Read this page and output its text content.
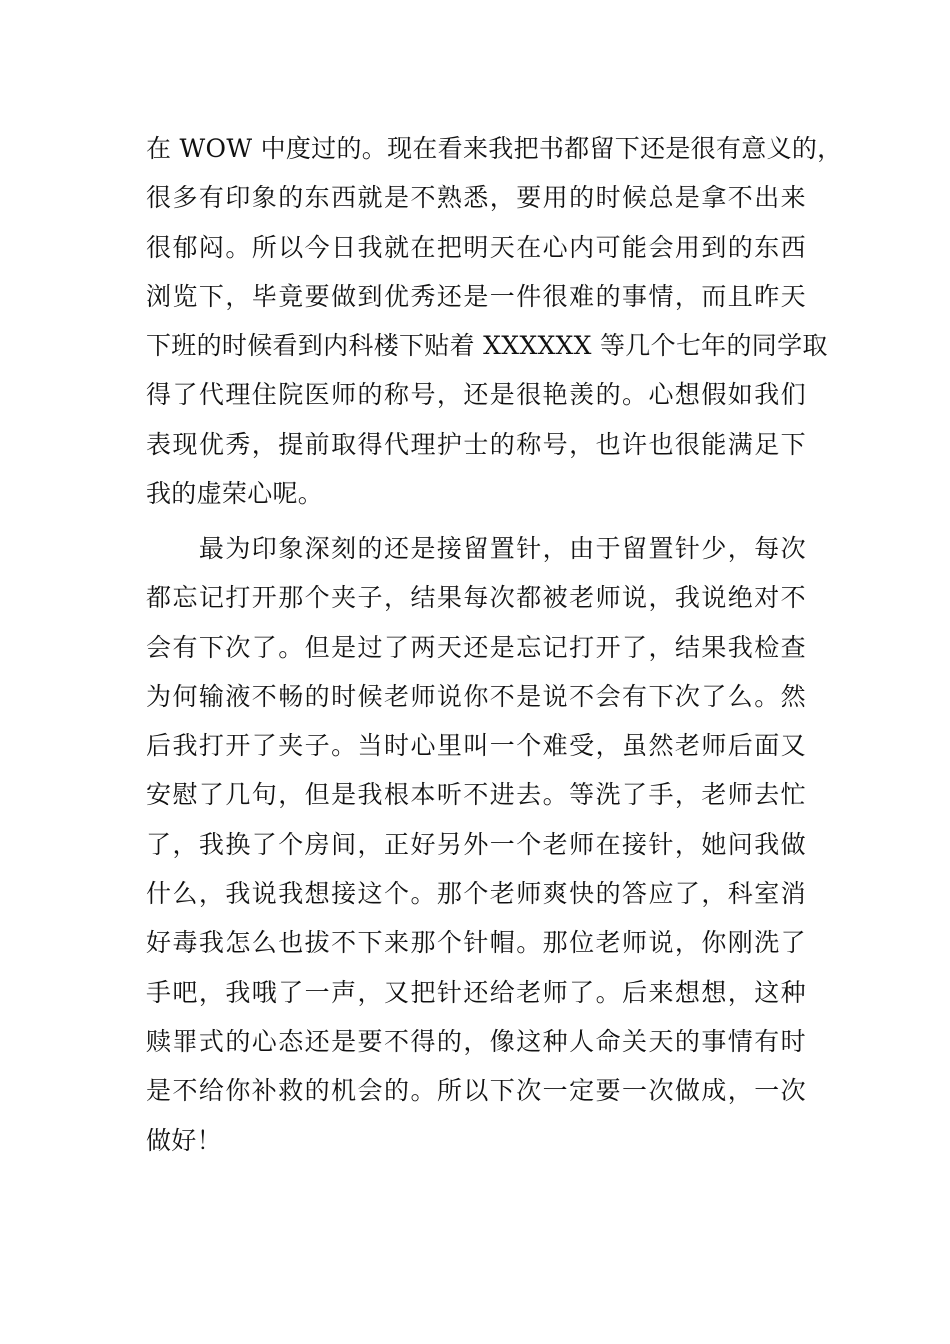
在 WOW 中度过的。现在看来我把书都留下还是很有意义的，
很多有印象的东西就是不熟悉，要用的时候总是拿不出来
很郁闷。所以今日我就在把明天在心内可能会用到的东西
浏览下，毕竟要做到优秀还是一件很难的事情，而且昨天
下班的时候看到内科楼下贴着 XXXXXX 等几个七年的同学取
得了代理住院医师的称号，还是很艳羡的。心想假如我们
表现优秀，提前取得代理护士的称号，也许也很能满足下
我的虚荣心呢。
　　最为印象深刻的还是接留置针，由于留置针少，每次
都忘记打开那个夹子，结果每次都被老师说，我说绝对不
会有下次了。但是过了两天还是忘记打开了，结果我检查
为何输液不畅的时候老师说你不是说不会有下次了么。然
后我打开了夹子。当时心里叫一个难受，虽然老师后面又
安慰了几句，但是我根本听不进去。等洗了手，老师去忙
了，我换了个房间，正好另外一个老师在接针，她问我做
什么，我说我想接这个。那个老师爽快的答应了，科室消
好毒我怎么也拔不下来那个针帽。那位老师说，你刚洗了
手吧，我哦了一声，又把针还给老师了。后来想想，这种
赎罪式的心态还是要不得的，像这种人命关天的事情有时
是不给你补救的机会的。所以下次一定要一次做成，一次
做好！
